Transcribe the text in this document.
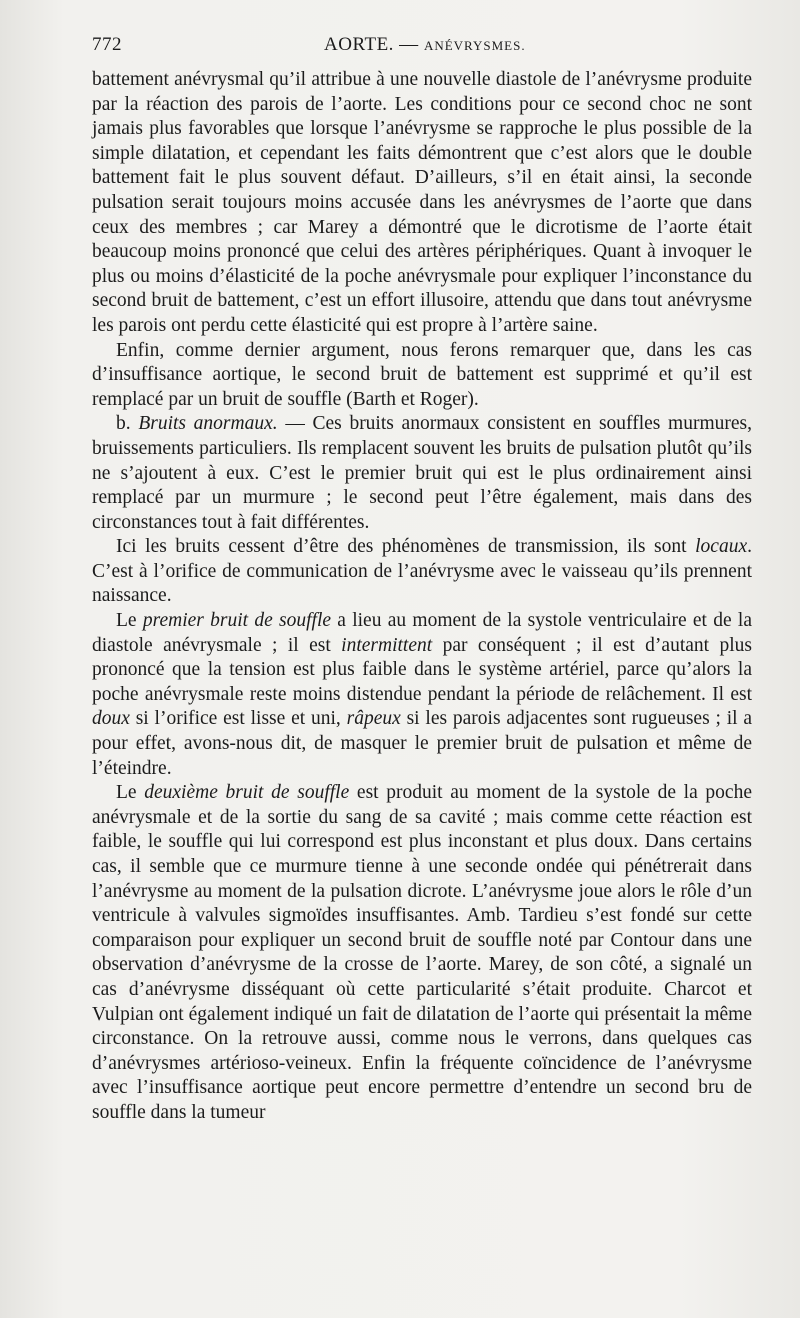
772	AORTE. — ANÉVRYSMES.

battement anévrysmal qu’il attribue à une nouvelle diastole de l’anévrysme produite par la réaction des parois de l’aorte. Les conditions pour ce second choc ne sont jamais plus favorables que lorsque l’anévrysme se rapproche le plus possible de la simple dilatation, et cependant les faits démontrent que c’est alors que le double battement fait le plus souvent défaut. D’ailleurs, s’il en était ainsi, la seconde pulsation serait toujours moins accusée dans les anévrysmes de l’aorte que dans ceux des membres ; car Marey a démontré que le dicrotisme de l’aorte était beaucoup moins prononcé que celui des artères périphériques. Quant à invoquer le plus ou moins d’élasticité de la poche anévrysmale pour expliquer l’inconstance du second bruit de battement, c’est un effort illusoire, attendu que dans tout anévrysme les parois ont perdu cette élasticité qui est propre à l’artère saine.

Enfin, comme dernier argument, nous ferons remarquer que, dans les cas d’insuffisance aortique, le second bruit de battement est supprimé et qu’il est remplacé par un bruit de souffle (Barth et Roger).

b. Bruits anormaux. — Ces bruits anormaux consistent en souffles murmures, bruissements particuliers. Ils remplacent souvent les bruits de pulsation plutôt qu’ils ne s’ajoutent à eux. C’est le premier bruit qui est le plus ordinairement ainsi remplacé par un murmure ; le second peut l’être également, mais dans des circonstances tout à fait différentes.

Ici les bruits cessent d’être des phénomènes de transmission, ils sont locaux. C’est à l’orifice de communication de l’anévrysme avec le vaisseau qu’ils prennent naissance.

Le premier bruit de souffle a lieu au moment de la systole ventriculaire et de la diastole anévrysmale ; il est intermittent par conséquent ; il est d’autant plus prononcé que la tension est plus faible dans le système artériel, parce qu’alors la poche anévrysmale reste moins distendue pendant la période de relâchement. Il est doux si l’orifice est lisse et uni, râpeux si les parois adjacentes sont rugueuses ; il a pour effet, avons-nous dit, de masquer le premier bruit de pulsation et même de l’éteindre.

Le deuxième bruit de souffle est produit au moment de la systole de la poche anévrysmale et de la sortie du sang de sa cavité ; mais comme cette réaction est faible, le souffle qui lui correspond est plus inconstant et plus doux. Dans certains cas, il semble que ce murmure tienne à une seconde ondée qui pénétrerait dans l’anévrysme au moment de la pulsation dicrote. L’anévrysme joue alors le rôle d’un ventricule à valvules sigmoïdes insuffisantes. Amb. Tardieu s’est fondé sur cette comparaison pour expliquer un second bruit de souffle noté par Contour dans une observation d’anévrysme de la crosse de l’aorte. Marey, de son côté, a signalé un cas d’anévrysme disséquant où cette particularité s’était produite. Charcot et Vulpian ont également indiqué un fait de dilatation de l’aorte qui présentait la même circonstance. On la retrouve aussi, comme nous le verrons, dans quelques cas d’anévrysmes artérioso-veineux. Enfin la fréquente coïncidence de l’anévrysme avec l’insuffisance aortique peut encore permettre d’entendre un second bru de souffle dans la tumeur
